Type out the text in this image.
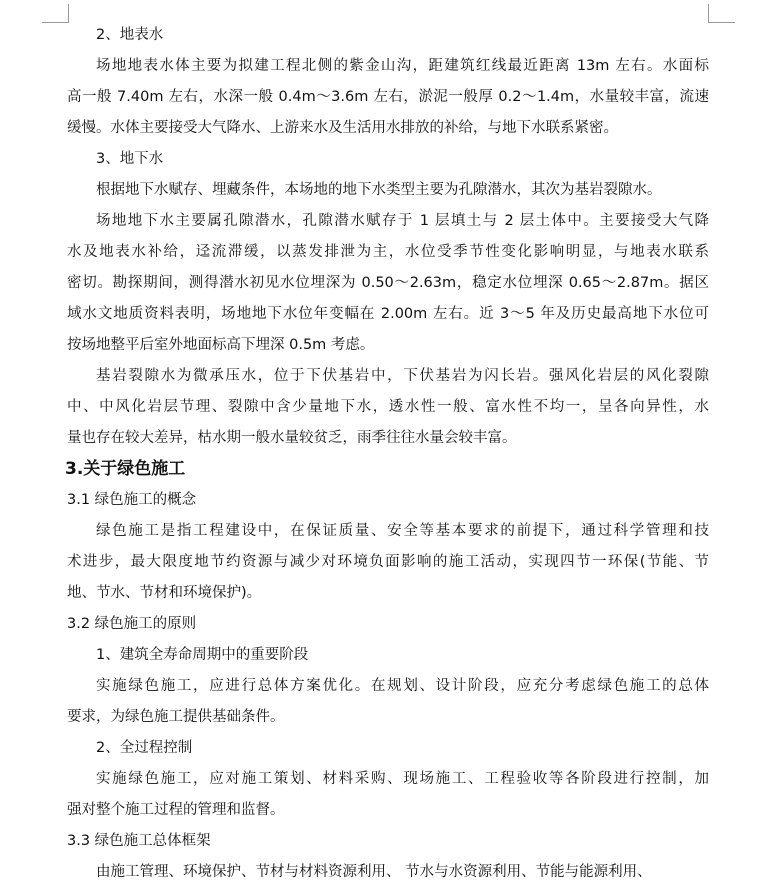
2、地表水
场地地表水体主要为拟建工程北侧的紫金山沟，距建筑红线最近距离 13m 左右。水面标
高一般 7.40m 左右，水深一般 0.4m～3.6m 左右，淤泥一般厚 0.2～1.4m，水量较丰富，流速
缓慢。水体主要接受大气降水、上游来水及生活用水排放的补给，与地下水联系紧密。
3、地下水
根据地下水赋存、埋藏条件，本场地的地下水类型主要为孔隙潜水，其次为基岩裂隙水。
场地地下水主要属孔隙潜水，孔隙潜水赋存于 1 层填土与 2 层土体中。主要接受大气降
水及地表水补给，迳流滞缓，以蒸发排泄为主，水位受季节性变化影响明显，与地表水联系
密切。勘探期间，测得潜水初见水位埋深为 0.50～2.63m，稳定水位埋深 0.65～2.87m。据区
域水文地质资料表明，场地地下水位年变幅在 2.00m 左右。近 3～5 年及历史最高地下水位可
按场地整平后室外地面标高下埋深 0.5m 考虑。
基岩裂隙水为微承压水，位于下伏基岩中，下伏基岩为闪长岩。强风化岩层的风化裂隙
中、中风化岩层节理、裂隙中含少量地下水，透水性一般、富水性不均一，呈各向异性，水
量也存在较大差异，枯水期一般水量较贫乏，雨季往往水量会较丰富。
3.关于绿色施工
3.1 绿色施工的概念
绿色施工是指工程建设中，在保证质量、安全等基本要求的前提下，通过科学管理和技
术进步，最大限度地节约资源与减少对环境负面影响的施工活动，实现四节一环保(节能、节
地、节水、节材和环境保护)。
3.2 绿色施工的原则
1、建筑全寿命周期中的重要阶段
实施绿色施工，应进行总体方案优化。在规划、设计阶段，应充分考虑绿色施工的总体
要求，为绿色施工提供基础条件。
2、全过程控制
实施绿色施工，应对施工策划、材料采购、现场施工、工程验收等各阶段进行控制，加
强对整个施工过程的管理和监督。
3.3 绿色施工总体框架
由施工管理、环境保护、节材与材料资源利用、 节水与水资源利用、节能与能源利用、
